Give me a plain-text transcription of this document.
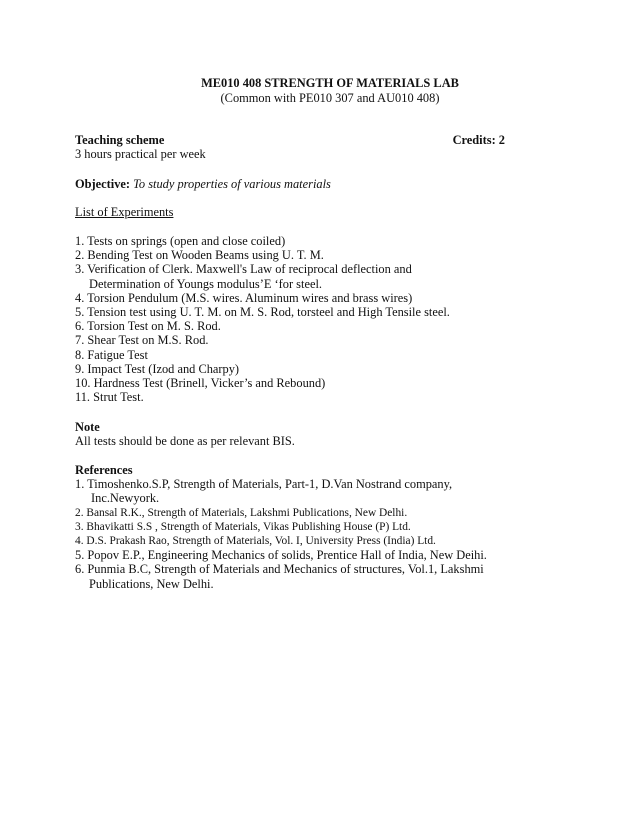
ME010 408 STRENGTH OF MATERIALS LAB
(Common with PE010 307 and AU010 408)
Teaching scheme	Credits: 2
3 hours practical per week
Objective: To study properties of various materials
List of Experiments
1. Tests on springs (open and close coiled)
2. Bending Test on Wooden Beams using U. T. M.
3. Verification of Clerk. Maxwell's Law of reciprocal deflection and
Determination of Youngs modulus’E ‘for steel.
4. Torsion Pendulum (M.S. wires. Aluminum wires and brass wires)
5. Tension test using U. T. M. on M. S. Rod, torsteel and High Tensile steel.
6. Torsion Test on M. S. Rod.
7. Shear Test on M.S. Rod.
8. Fatigue Test
9. Impact Test (Izod and Charpy)
10. Hardness Test (Brinell, Vicker’s and Rebound)
11. Strut Test.
Note
All tests should be done as per relevant BIS.
References
1. Timoshenko.S.P, Strength of Materials, Part-1, D.Van Nostrand company,
Inc.Newyork.
2. Bansal R.K., Strength of Materials, Lakshmi Publications, New Delhi.
3. Bhavikatti S.S , Strength of Materials, Vikas Publishing House (P) Ltd.
4. D.S. Prakash Rao, Strength of Materials, Vol. I, University Press (India) Ltd.
5. Popov E.P., Engineering Mechanics of solids, Prentice Hall of India, New Deihi.
6. Punmia B.C, Strength of Materials and Mechanics of structures, Vol.1, Lakshmi
Publications, New Delhi.
